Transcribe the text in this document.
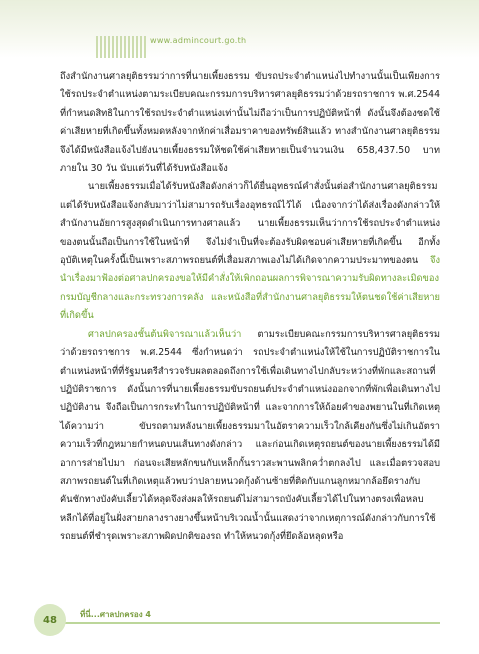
www.admincourt.go.th

ถึงสำนักงานศาลยุติธรรมว่าการที่นายเพี้ยงธรรม ขับรถประจำตำแหน่งไปทำงานนั้นเป็นเพียงการใช้รถประจำตำแหน่งตามระเบียบคณะกรรมการบริหารศาลยุติธรรมว่าด้วยรถราชการ พ.ศ.2544 ที่กำหนดสิทธิในการใช้รถประจำตำแหน่งเท่านั้นไม่ถือว่าเป็นการปฏิบัติหน้าที่ ดังนั้นจึงต้องชดใช้ค่าเสียหายที่เกิดขึ้นทั้งหมดหลังจากหักค่าเสื่อมราคาของทรัพย์สินแล้ว ทางสำนักงานศาลยุติธรรมจึงได้มีหนังสือแจ้งไปยังนายเพี้ยงธรรมให้ชดใช้ค่าเสียหายเป็นจำนวนเงิน 658,437.50 บาท ภายใน 30 วัน นับแต่วันที่ได้รับหนังสือแจ้ง

นายเพี้ยงธรรมเมื่อได้รับหนังสือดังกล่าวก็ได้ยื่นอุทธรณ์คำสั่งนั้นต่อสำนักงานศาลยุติธรรม แต่ได้รับหนังสือแจ้งกลับมาว่าไม่สามารถรับเรื่องอุทธรณ์ไว้ได้ เนื่องจากว่าได้ส่งเรื่องดังกล่าวให้สำนักงานอัยการสูงสุดดำเนินการทางศาลแล้ว นายเพี้ยงธรรมเห็นว่าการใช้รถประจำตำแหน่งของตนนั้นถือเป็นการใช้ในหน้าที่ จึงไม่จำเป็นที่จะต้องรับผิดชอบค่าเสียหายที่เกิดขึ้น อีกทั้งอุบัติเหตุในครั้งนี้เป็นเพราะสภาพรถยนต์ที่เสื่อมสภาพเองไม่ได้เกิดจากความประมาทของตน จึงนำเรื่องมาฟ้องต่อศาลปกครองขอให้มีคำสั่งให้เพิกถอนผลการพิจารณาความรับผิดทางละเมิดของกรมบัญชีกลางและกระทรวงการคลัง และหนังสือที่สำนักงานศาลยุติธรรมให้ตนชดใช้ค่าเสียหายที่เกิดขึ้น

ศาลปกครองชั้นต้นพิจารณาแล้วเห็นว่า ตามระเบียบคณะกรรมการบริหารศาลยุติธรรม ว่าด้วยรถราชการ พ.ศ.2544 ซึ่งกำหนดว่า รถประจำตำแหน่งให้ใช้ในการปฏิบัติราชการในตำแหน่งหน้าที่ที่รัฐมนตรีสำรวจรับผลตลอดถึงการใช้เพื่อเดินทางไปกลับระหว่างที่พักและสถานที่ปฏิบัติราชการ ดังนั้นการที่นายเพี้ยงธรรมขับรถยนต์ประจำตำแหน่งออกจากที่พักเพื่อเดินทางไปปฏิบัติงาน จึงถือเป็นการกระทำในการปฏิบัติหน้าที่ และจากการให้ถ้อยคำของพยานในที่เกิดเหตุได้ความว่า ขับรถตามหลังนายเพี้ยงธรรมมาในอัตราความเร็วใกล้เคียงกันซึ่งไม่เกินอัตราความเร็วที่กฎหมายกำหนดบนเส้นทางดังกล่าว และก่อนเกิดเหตุรถยนต์ของนายเพี้ยงธรรมได้มีอาการส่ายไปมา ก่อนจะเสียหลักขนกับเหล็กกั้นราวสะพานพลิกคว่ำตกลงไป และเมื่อตรวจสอบสภาพรถยนต์ในที่เกิดเหตุแล้วพบว่าปลายหนวดกุ้งด้านซ้ายที่ติดกับแกนลูกหมากล้อยึดรางกับคันชักทางบังคับเลี้ยวได้หลุดจึงส่งผลให้รถยนต์ไม่สามารถบังคับเลี้ยวได้ไปในทางตรงเพื่อหลบหลีกได้ที่อยู่ในฝั่งสายกลางรางยางขึ้นหน้าบริเวณน้ำนั้นแสดงว่าจากเหตุการณ์ดังกล่าวกับการใช้รถยนต์ที่ชำรุดเพราะสภาพผิดปกติของรถ ทำให้หนวดกุ้งที่ยึดล้อหลุดหรือ

48	ที่นี่...ศาลปกครอง 4
